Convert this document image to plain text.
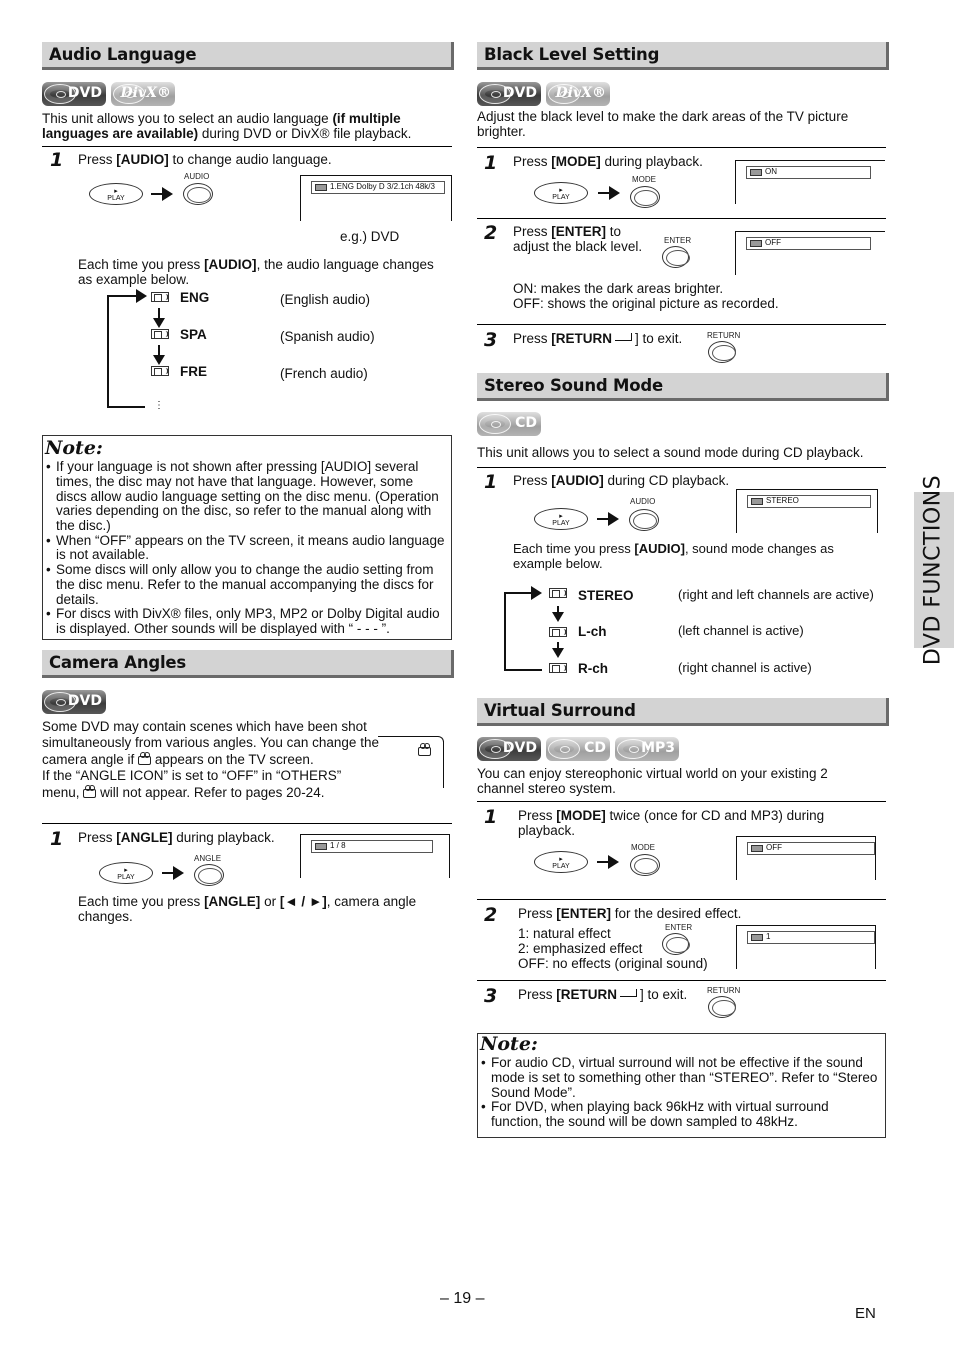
Audio Language
DVD DivX®
This unit allows you to select an audio language (if multiple languages are available) during DVD or DivX® file playback.
1 Press [AUDIO] to change audio language.
▸
PLAY
AUDIO
1.ENG Dolby D 3/2.1ch 48k/3
e.g.) DVD
Each time you press [AUDIO], the audio language changes as example below.
⋮
ENG	(English audio)
SPA	(Spanish audio)
FRE	(French audio)
Note:
• If your language is not shown after pressing [AUDIO] several times, the disc may not have that language. However, some discs allow audio language setting on the disc menu. (Operation varies depending on the disc, so refer to the manual along with the disc.)
• When “OFF” appears on the TV screen, it means audio language is not available.
• Some discs will only allow you to change the audio setting from the disc menu. Refer to the manual accompanying the discs for details.
• For discs with DivX® files, only MP3, MP2 or Dolby Digital audio is displayed. Other sounds will be displayed with “ - - - ”.
Camera Angles
DVD
Some DVD may contain scenes which have been shot simultaneously from various angles. You can change the camera angle if appears on the TV screen.
If the “ANGLE ICON” is set to “OFF” in “OTHERS” menu, will not appear. Refer to pages 20-24.
1 Press [ANGLE] during playback.
▸
PLAY
ANGLE
1 / 8
Each time you press [ANGLE] or [◄ / ►], camera angle changes.
Black Level Setting
DVD DivX®
Adjust the black level to make the dark areas of the TV picture brighter.
1 Press [MODE] during playback.
▸
PLAY
MODE
ON
2 Press [ENTER] to adjust the black level.	ENTER	OFF
ON: makes the dark areas brighter.
OFF: shows the original picture as recorded.
3 Press [RETURN ] to exit.	RETURN
Stereo Sound Mode
CD
This unit allows you to select a sound mode during CD playback.
1 Press [AUDIO] during CD playback.
▸
PLAY
AUDIO	STEREO
Each time you press [AUDIO], sound mode changes as example below.
STEREO	(right and left channels are active)
L-ch	(left channel is active)
R-ch	(right channel is active)
Virtual Surround
DVD	CD	MP3
You can enjoy stereophonic virtual world on your existing 2 channel stereo system.
1 Press [MODE] twice (once for CD and MP3) during playback.
▸
PLAY
MODE	OFF
2 Press [ENTER] for the desired effect.
1: natural effect
2: emphasized effect
OFF: no effects (original sound)
ENTER
1
3 Press [RETURN ] to exit. RETURN
Note:
• For audio CD, virtual surround will not be effective if the sound mode is set to something other than “STEREO”. Refer to “Stereo Sound Mode”.
• For DVD, when playing back 96kHz with virtual surround function, the sound will be down sampled to 48kHz.
DVD FUNCTIONS
– 19 –
EN
